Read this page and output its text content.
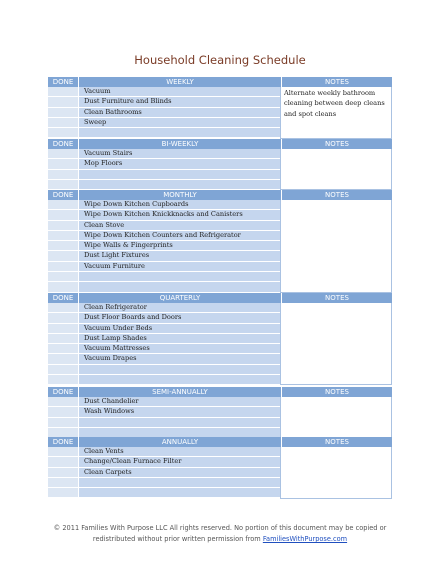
Household Cleaning Schedule
DONE	WEEKLY	NOTES
Vacuum
Dust Furniture and Blinds
Clean Bathrooms
Sweep
Alternate weekly bathroom cleaning between deep cleans and spot cleans
DONE	BI-WEEKLY	NOTES
Vacuum Stairs
Mop Floors
DONE	MONTHLY	NOTES
Wipe Down Kitchen Cupboards
Wipe Down Kitchen Knickknacks and Canisters
Clean Stove
Wipe Down Kitchen Counters and Refrigerator
Wipe Walls & Fingerprints
Dust Light Fixtures
Vacuum Furniture
DONE	QUARTERLY	NOTES
Clean Refrigerator
Dust Floor Boards and Doors
Vacuum Under Beds
Dust Lamp Shades
Vacuum Mattresses
Vacuum Drapes
DONE	SEMI-ANNUALLY	NOTES
Dust Chandelier
Wash Windows
DONE	ANNUALLY	NOTES
Clean Vents
Change/Clean Furnace Filter
Clean Carpets
© 2011 Families With Purpose LLC All rights reserved. No portion of this document may be copied or
redistributed without prior written permission from FamiliesWithPurpose.com
